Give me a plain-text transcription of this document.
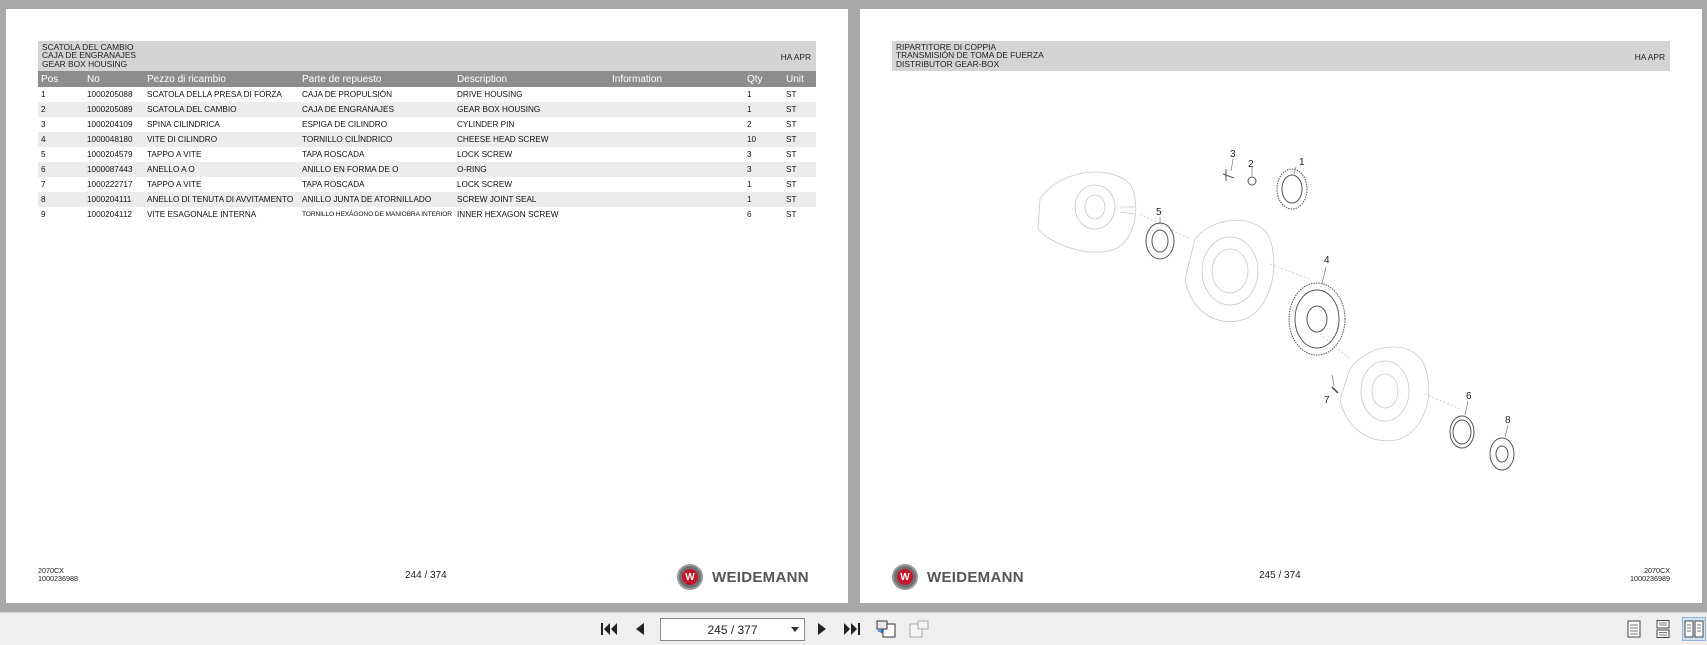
SCATOLA DEL CAMBIO
CAJA DE ENGRANAJES
GEAR BOX HOUSING
HA APR
Pos	No	Pezzo di ricambio	Parte de repuesto	Description	Information	Qty	Unit
1	1000205088	SCATOLA DELLA PRESA DI FORZA	CAJA DE PROPULSIÓN	DRIVE HOUSING		1	ST
2	1000205089	SCATOLA DEL CAMBIO	CAJA DE ENGRANAJES	GEAR BOX HOUSING		1	ST
3	1000204109	SPINA CILINDRICA	ESPIGA DE CILINDRO	CYLINDER PIN		2	ST
4	1000048180	VITE DI CILINDRO	TORNILLO CILÍNDRICO	CHEESE HEAD SCREW		10	ST
5	1000204579	TAPPO A VITE	TAPA ROSCADA	LOCK SCREW		3	ST
6	1000087443	ANELLO A O	ANILLO EN FORMA DE O	O-RING		3	ST
7	1000222717	TAPPO A VITE	TAPA ROSCADA	LOCK SCREW		1	ST
8	1000204111	ANELLO DI TENUTA DI AVVITAMENTO	ANILLO JUNTA DE ATORNILLADO	SCREW JOINT SEAL		1	ST
9	1000204112	VITE ESAGONALE INTERNA	TORNILLO HEXÁGONO DE MANIOBRA INTERIOR	INNER HEXAGON SCREW		6	ST
2070CX
1000236988	244 / 374	W WEIDEMANN
RIPARTITORE DI COPPIA
TRANSMISIÓN DE TOMA DE FUERZA
DISTRIBUTOR GEAR-BOX
HA APR
1
2
3
4
5
6
7
8
W WEIDEMANN	245 / 374	2070CX
1000236989
245 / 377
